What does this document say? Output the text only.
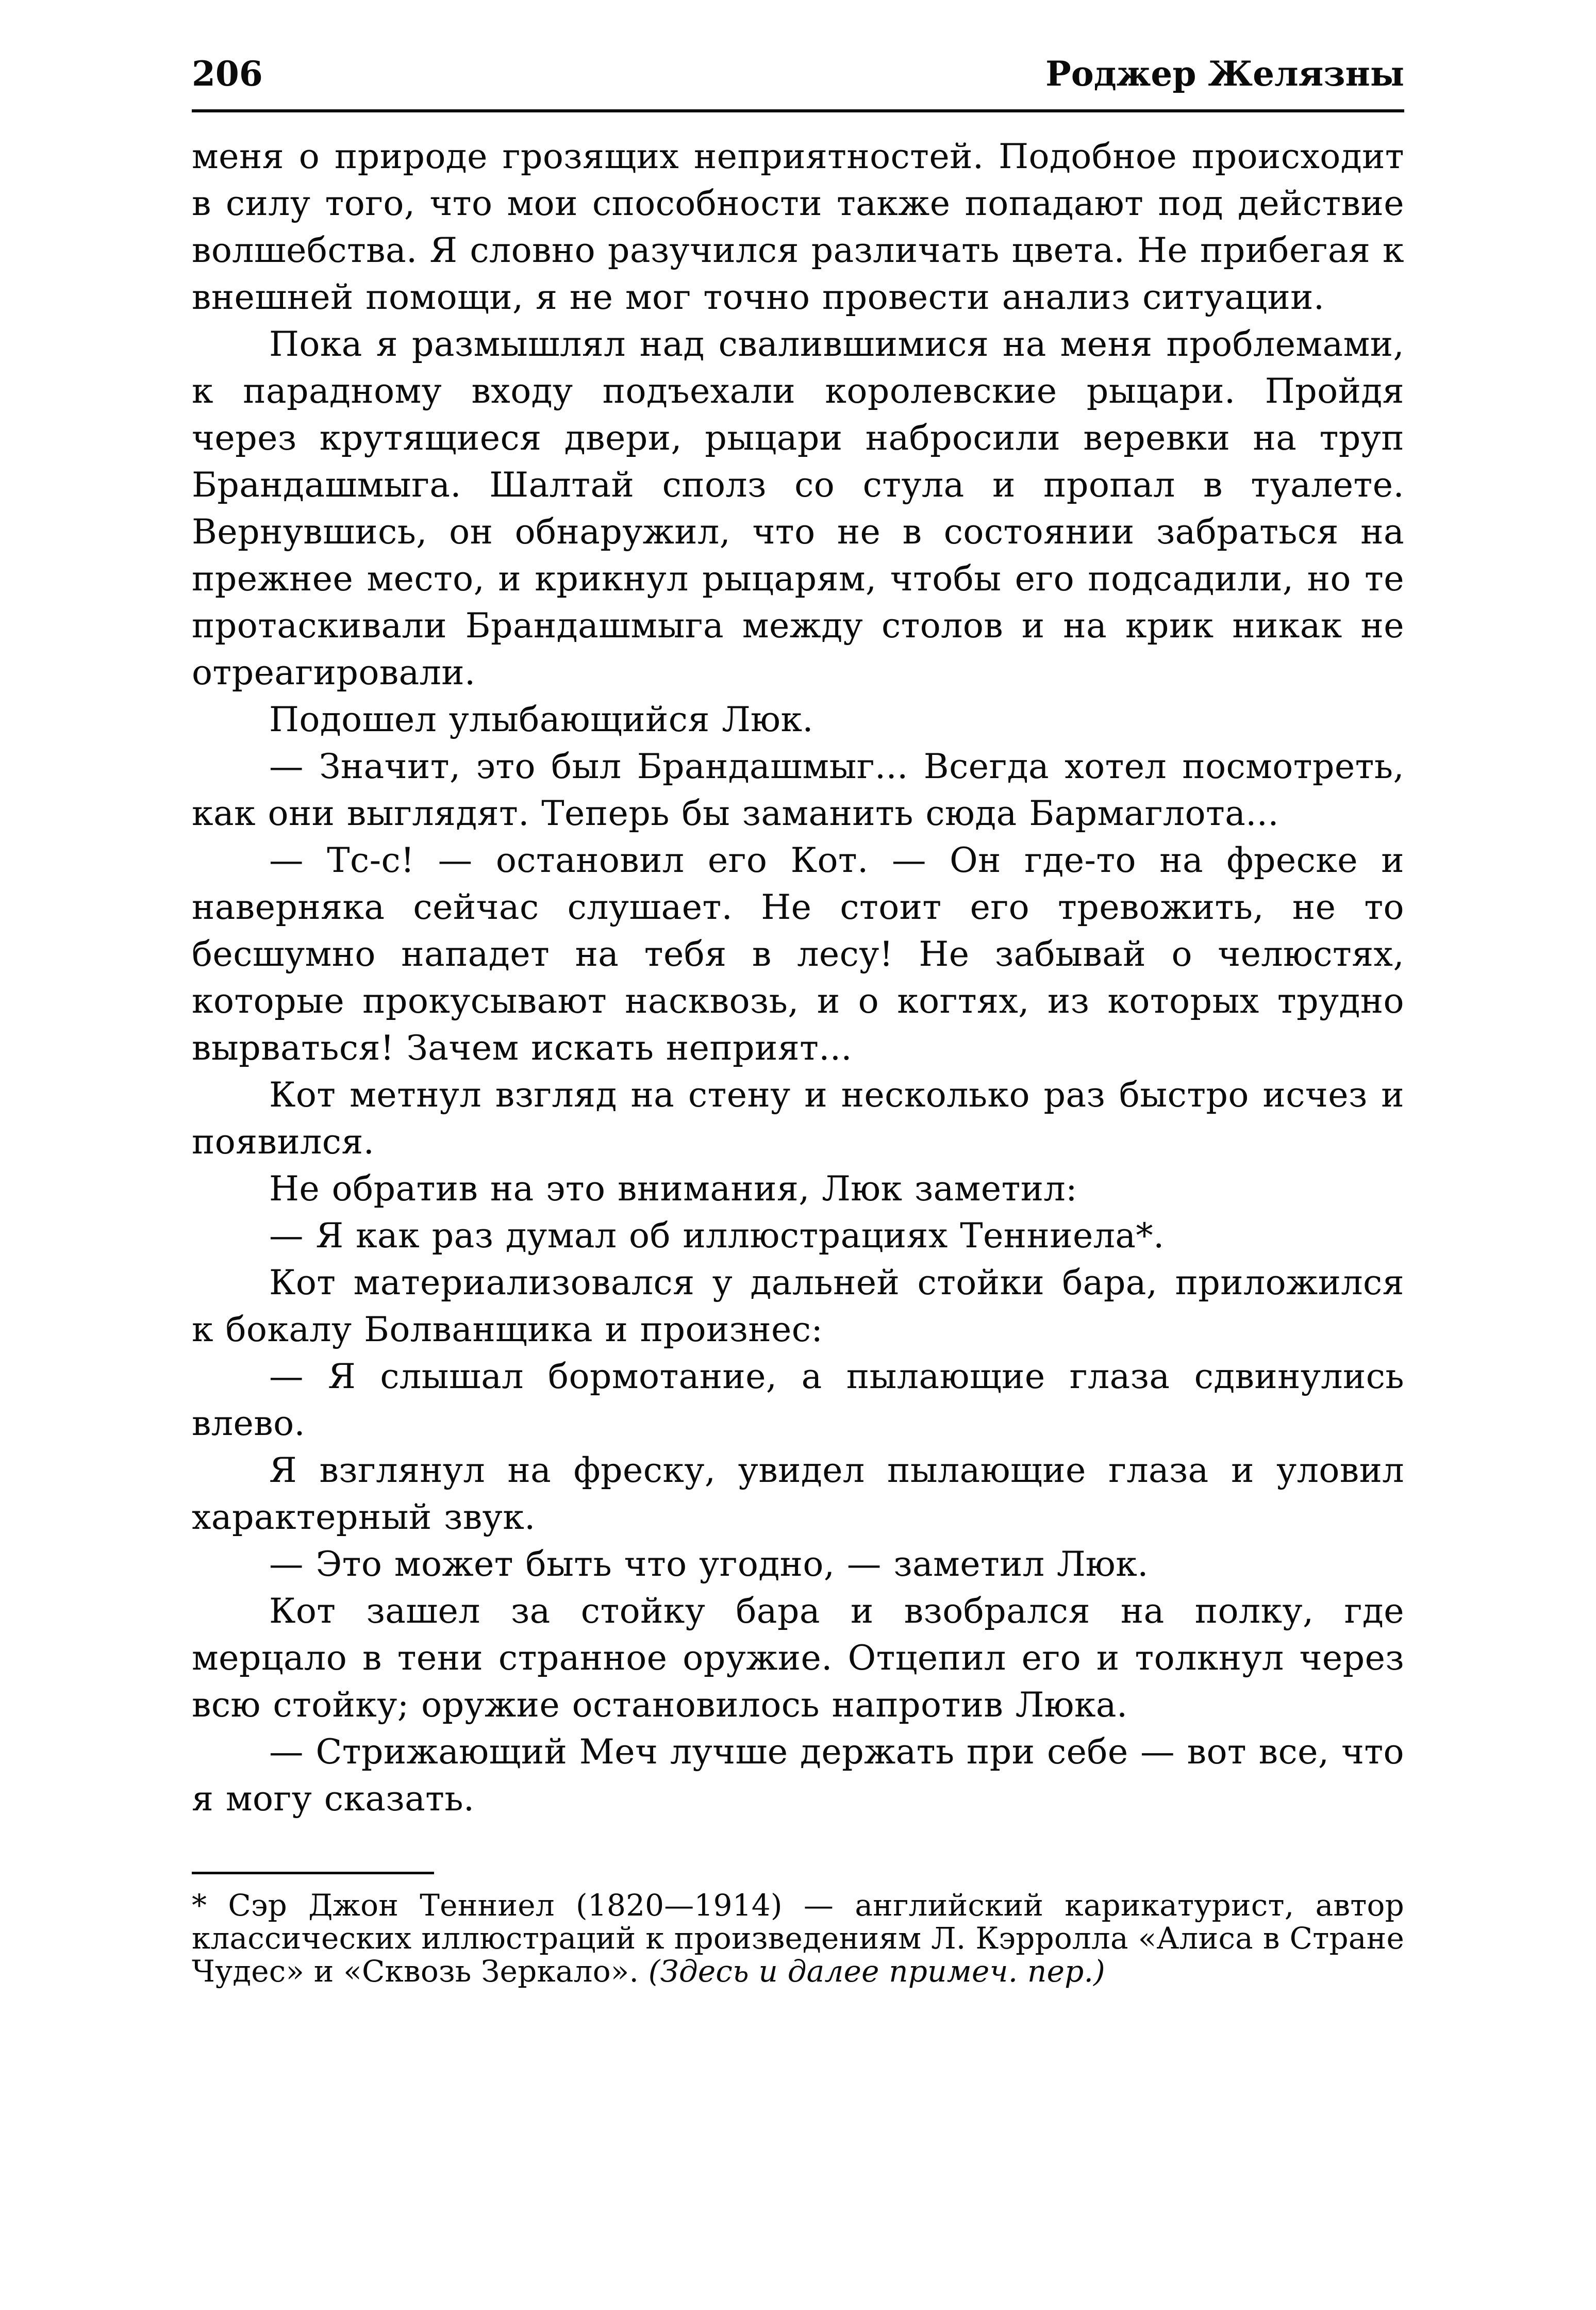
206	Роджер Желязны

меня о природе грозящих неприятностей. Подобное происходит в силу того, что мои способности также попадают под действие волшебства. Я словно разучился различать цвета. Не прибегая к внешней помощи, я не мог точно провести анализ ситуации.

Пока я размышлял над свалившимися на меня проблемами, к парадному входу подъехали королевские рыцари. Пройдя через крутящиеся двери, рыцари набросили веревки на труп Брандашмыга. Шалтай сполз со стула и пропал в туалете. Вернувшись, он обнаружил, что не в состоянии забраться на прежнее место, и крикнул рыцарям, чтобы его подсадили, но те протаскивали Брандашмыга между столов и на крик никак не отреагировали.

Подошел улыбающийся Люк.

— Значит, это был Брандашмыг... Всегда хотел посмотреть, как они выглядят. Теперь бы заманить сюда Бармаглота...

— Тс-с! — остановил его Кот. — Он где-то на фреске и наверняка сейчас слушает. Не стоит его тревожить, не то бесшумно нападет на тебя в лесу! Не забывай о челюстях, которые прокусывают насквозь, и о когтях, из которых трудно вырваться! Зачем искать неприят...

Кот метнул взгляд на стену и несколько раз быстро исчез и появился.

Не обратив на это внимания, Люк заметил:

— Я как раз думал об иллюстрациях Тенниела*.

Кот материализовался у дальней стойки бара, приложился к бокалу Болванщика и произнес:

— Я слышал бормотание, а пылающие глаза сдвинулись влево.

Я взглянул на фреску, увидел пылающие глаза и уловил характерный звук.

— Это может быть что угодно, — заметил Люк.

Кот зашел за стойку бара и взобрался на полку, где мерцало в тени странное оружие. Отцепил его и толкнул через всю стойку; оружие остановилось напротив Люка.

— Стрижающий Меч лучше держать при себе — вот все, что я могу сказать.

* Сэр Джон Тенниел (1820—1914) — английский карикатурист, автор классических иллюстраций к произведениям Л. Кэрролла «Алиса в Стране Чудес» и «Сквозь Зеркало». (Здесь и далее примеч. пер.)
